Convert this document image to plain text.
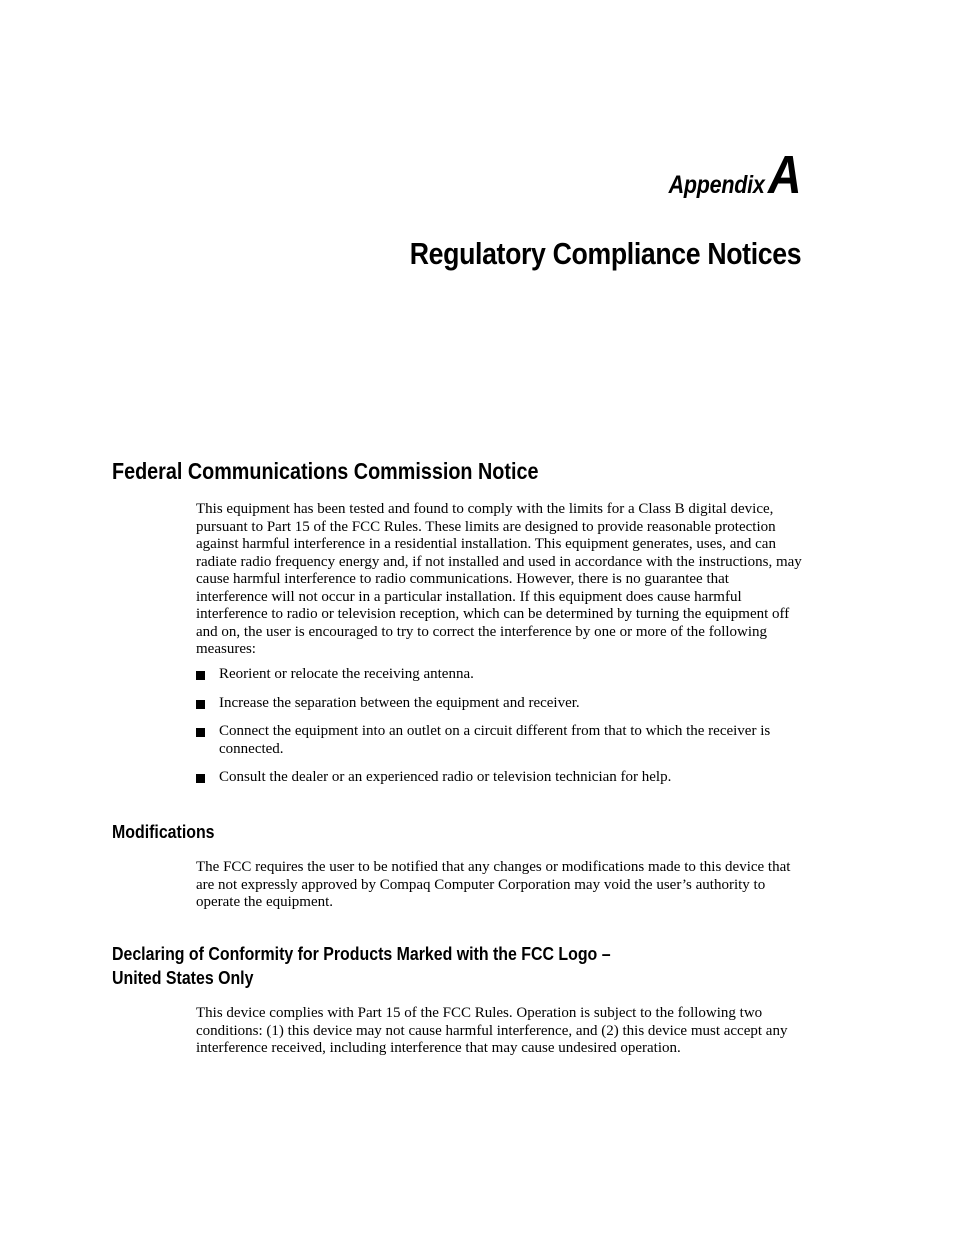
AppendixA
Regulatory Compliance Notices
Federal Communications Commission Notice

This equipment has been tested and found to comply with the limits for a Class B digital device, pursuant to Part 15 of the FCC Rules. These limits are designed to provide reasonable protection against harmful interference in a residential installation. This equipment generates, uses, and can radiate radio frequency energy and, if not installed and used in accordance with the instructions, may cause harmful interference to radio communications. However, there is no guarantee that interference will not occur in a particular installation. If this equipment does cause harmful interference to radio or television reception, which can be determined by turning the equipment off and on, the user is encouraged to try to correct the interference by one or more of the following measures:

Reorient or relocate the receiving antenna.
Increase the separation between the equipment and receiver.
Connect the equipment into an outlet on a circuit different from that to which the receiver is connected.
Consult the dealer or an experienced radio or television technician for help.
Modifications

The FCC requires the user to be notified that any changes or modifications made to this device that are not expressly approved by Compaq Computer Corporation may void the user’s authority to operate the equipment.

Declaring of Conformity for Products Marked with the FCC Logo –
United States Only

This device complies with Part 15 of the FCC Rules. Operation is subject to the following two conditions: (1) this device may not cause harmful interference, and (2) this device must accept any interference received, including interference that may cause undesired operation.
